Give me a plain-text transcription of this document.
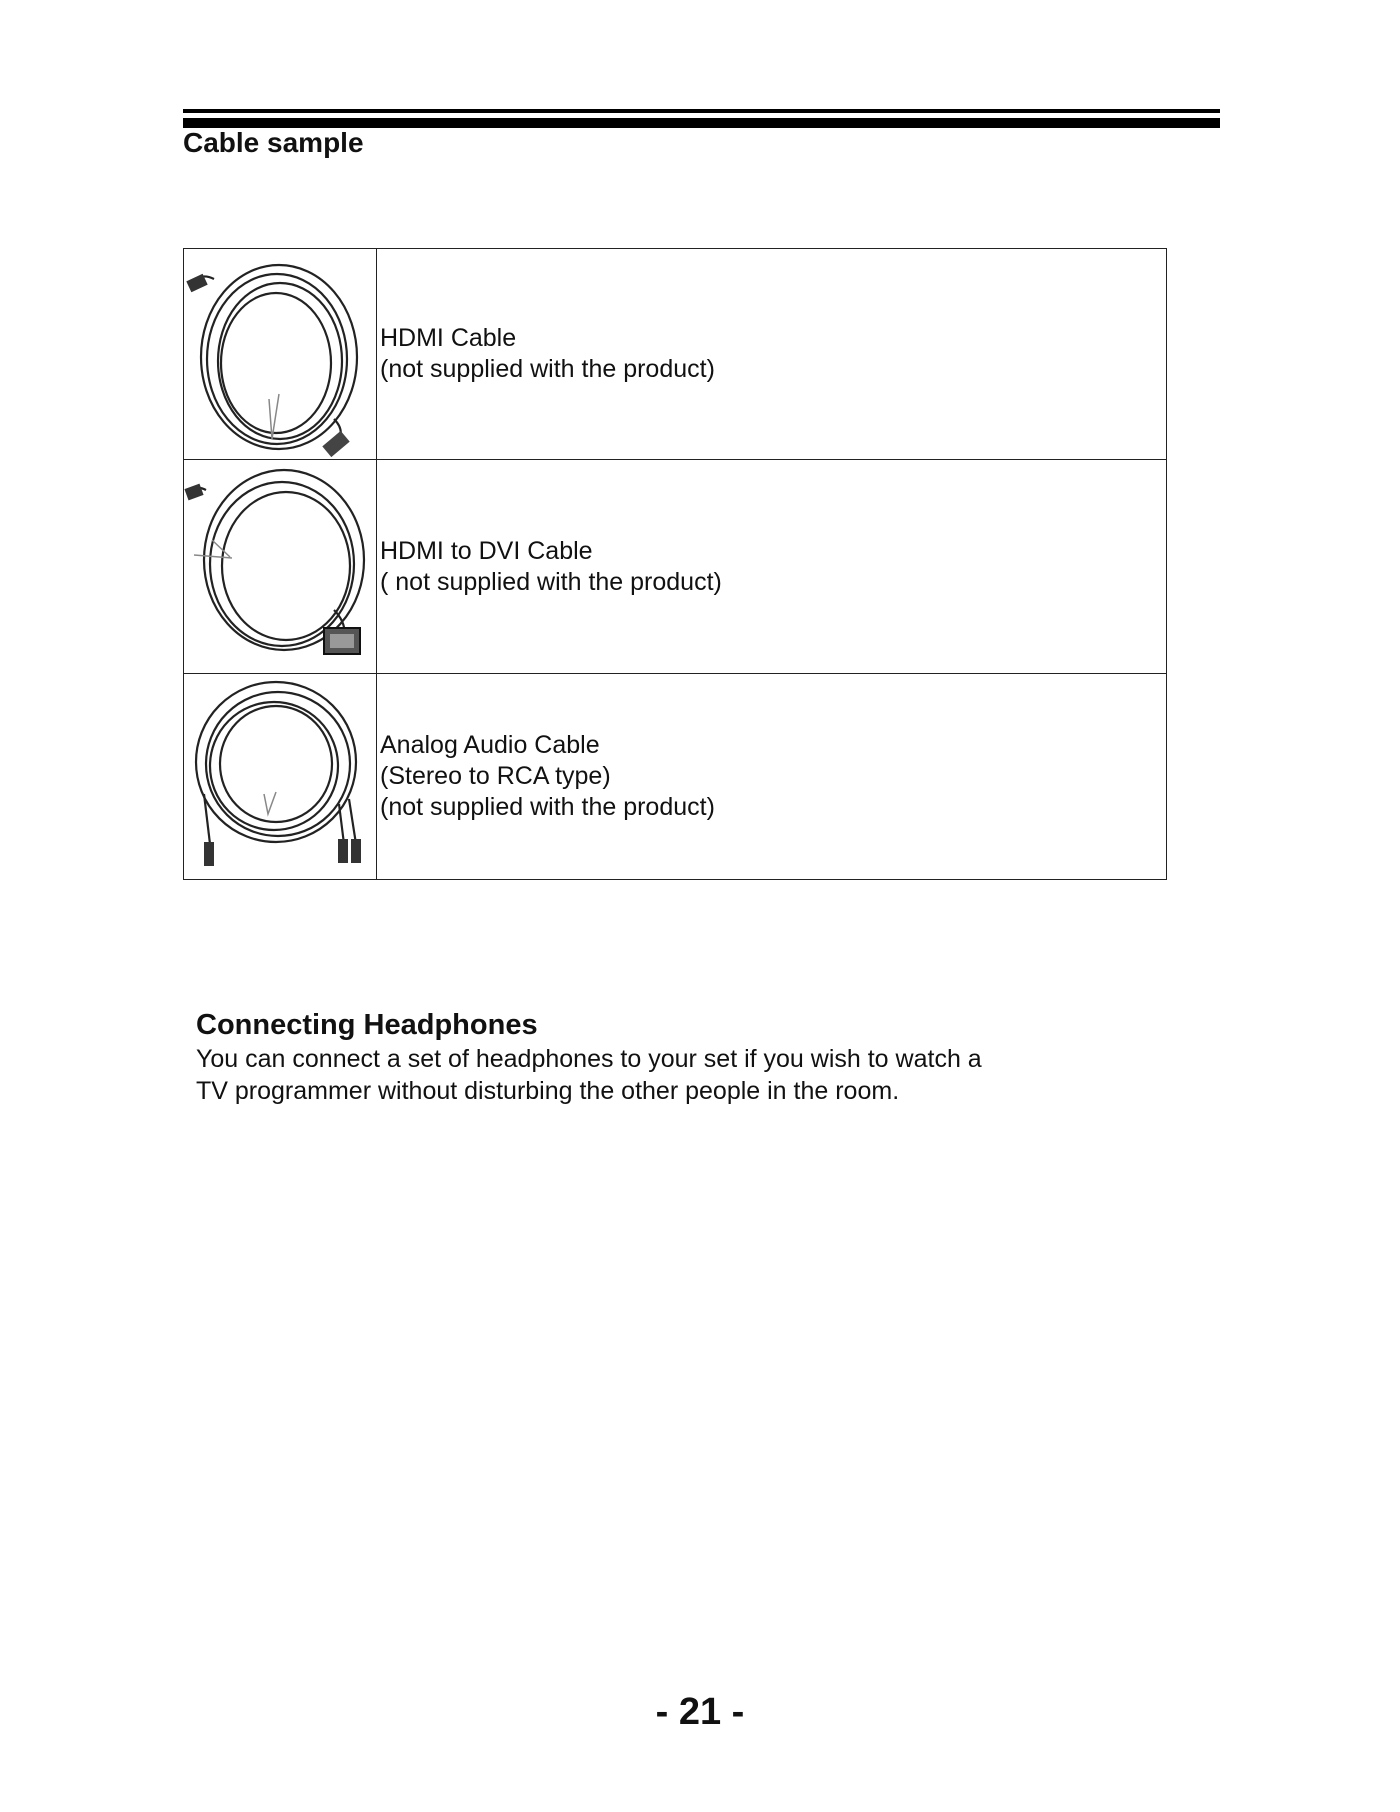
Cable sample

HDMI Cable
(not supplied with the product)

HDMI to DVI Cable
( not supplied with the product)

Analog Audio Cable
(Stereo to RCA type)
(not supplied with the product)
Connecting Headphones
You can connect a set of headphones to your set if you wish to watch a
TV programmer without disturbing the other people in the room.
- 21 -
